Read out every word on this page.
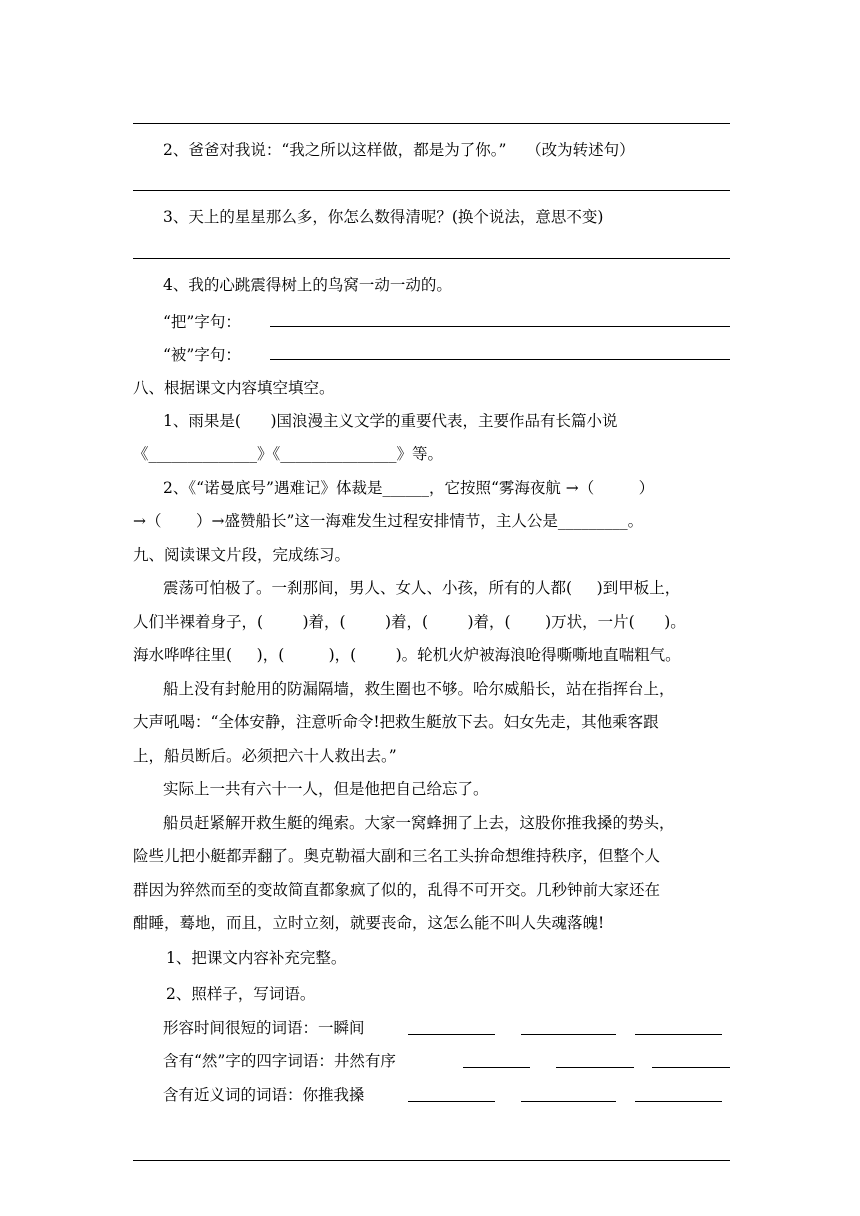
2、爸爸对我说：“我之所以这样做，都是为了你。”    （改为转述句）
3、天上的星星那么多，你怎么数得清呢？(换个说法，意思不变)
4、我的心跳震得树上的鸟窝一动一动的。
“把”字句：
“被”字句：
八、根据课文内容填空填空。
1、雨果是(      )国浪漫主义文学的重要代表，主要作品有长篇小说
《______________》《_______________》等。
2、《“诺曼底号”遇难记》体裁是______，它按照“雾海夜航 →（         ）
→（       ）→盛赞船长”这一海难发生过程安排情节，主人公是_________。
九、阅读课文片段，完成练习。
震荡可怕极了。一刹那间，男人、女人、小孩，所有的人都(     )到甲板上，
人们半裸着身子，(        )着，(        )着，(        )着，(       )万状，一片(      )。
海水哗哗往里(     )，(         )，(        )。轮机火炉被海浪呛得嘶嘶地直喘粗气。
船上没有封舱用的防漏隔墙，救生圈也不够。哈尔威船长，站在指挥台上，
大声吼喝：“全体安静，注意听命令!把救生艇放下去。妇女先走，其他乘客跟
上，船员断后。必须把六十人救出去。”
实际上一共有六十一人，但是他把自己给忘了。
船员赶紧解开救生艇的绳索。大家一窝蜂拥了上去，这股你推我搡的势头，
险些儿把小艇都弄翻了。奥克勒福大副和三名工头拚命想维持秩序，但整个人
群因为猝然而至的变故简直都象疯了似的，乱得不可开交。几秒钟前大家还在
酣睡，蓦地，而且，立时立刻，就要丧命，这怎么能不叫人失魂落魄!
1、把课文内容补充完整。
2、照样子，写词语。
形容时间很短的词语：一瞬间
含有“然”字的四字词语：井然有序
含有近义词的词语：你推我搡
